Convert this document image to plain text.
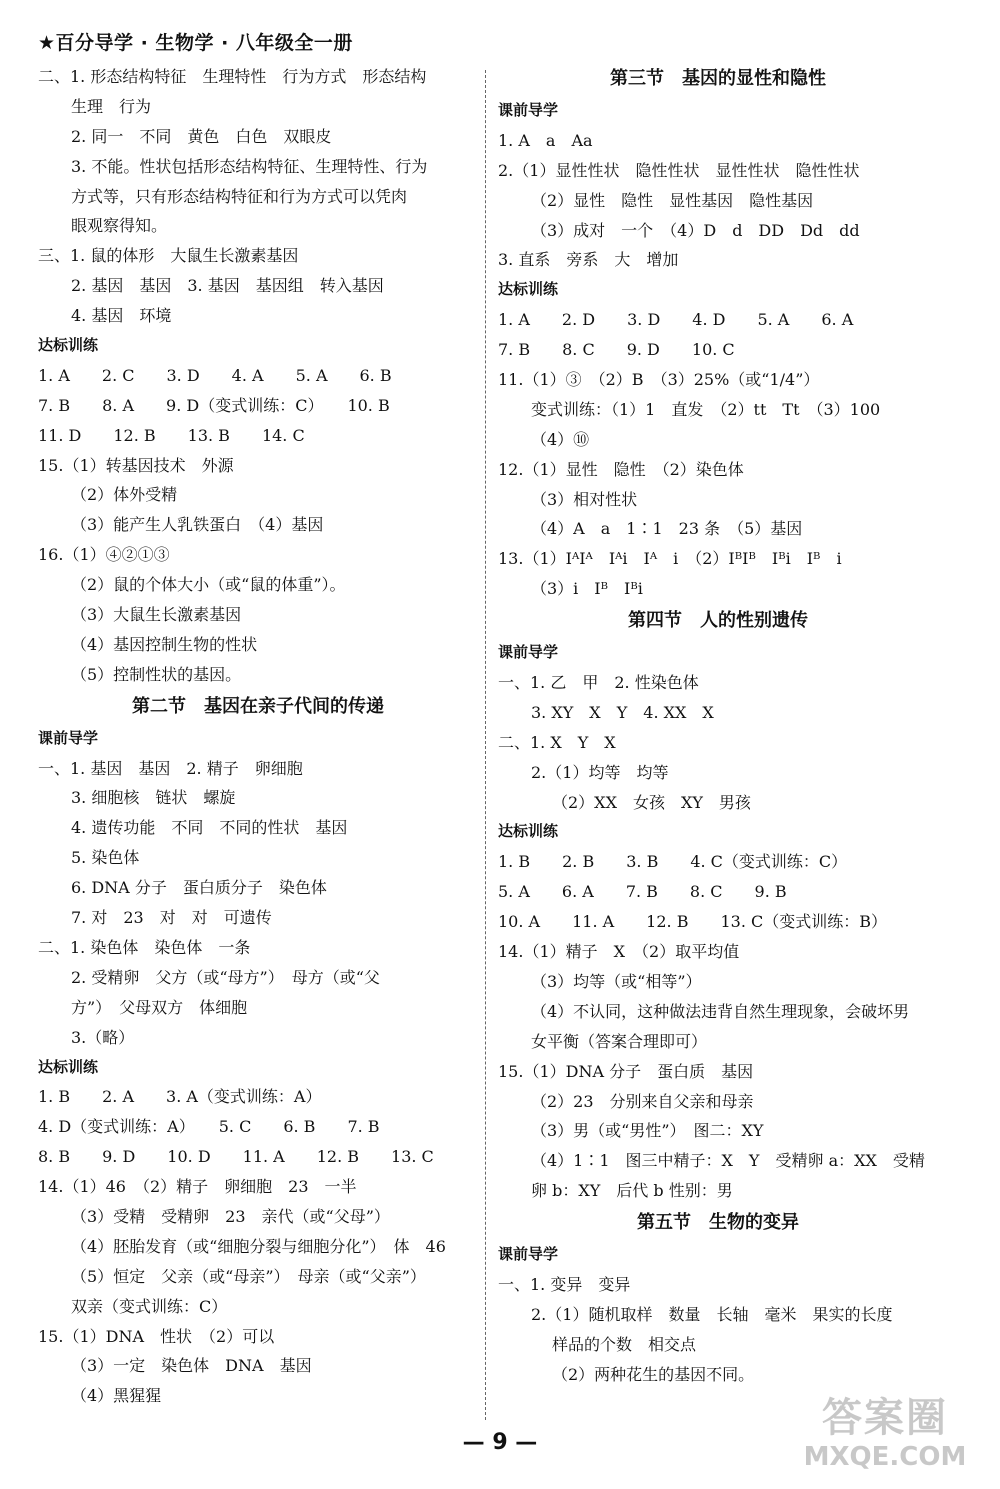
★百分导学 · 生物学 · 八年级全一册
二、1. 形态结构特征　生理特性　行为方式　形态结构
生理　行为
2. 同一　不同　黄色　白色　双眼皮
3. 不能。性状包括形态结构特征、生理特性、行为
方式等，只有形态结构特征和行为方式可以凭肉
眼观察得知。
三、1. 鼠的体形　大鼠生长激素基因
2. 基因　基因　3. 基因　基因组　转入基因
4. 基因　环境
达标训练
1. A　　2. C　　3. D　　4. A　　5. A　　6. B
7. B　　8. A　　9. D（变式训练：C）　　10. B
11. D　　12. B　　13. B　　14. C
15.（1）转基因技术　外源
（2）体外受精
（3）能产生人乳铁蛋白　（4）基因
16.（1）④②①③
（2）鼠的个体大小（或“鼠的体重”）。
（3）大鼠生长激素基因
（4）基因控制生物的性状
（5）控制性状的基因。
第二节　基因在亲子代间的传递
课前导学
一、1. 基因　基因　2. 精子　卵细胞
3. 细胞核　链状　螺旋
4. 遗传功能　不同　不同的性状　基因
5. 染色体
6. DNA 分子　蛋白质分子　染色体
7. 对　23　对　对　可遗传
二、1. 染色体　染色体　一条
2. 受精卵　父方（或“母方”）　母方（或“父
方”）　父母双方　体细胞
3.（略）
达标训练
1. B　　2. A　　3. A（变式训练：A）
4. D（变式训练：A）　　5. C　　6. B　　7. B
8. B　　9. D　　10. D　　11. A　　12. B　　13. C
14.（1）46　（2）精子　卵细胞　23　一半
（3）受精　受精卵　23　亲代（或“父母”）
（4）胚胎发育（或“细胞分裂与细胞分化”）　体　46
（5）恒定　父亲（或“母亲”）　母亲（或“父亲”）
双亲（变式训练：C）
15.（1）DNA　性状　（2）可以
（3）一定　染色体　DNA　基因
（4）黑猩猩
第三节　基因的显性和隐性
课前导学
1. A　a　Aa
2.（1）显性性状　隐性性状　显性性状　隐性性状
（2）显性　隐性　显性基因　隐性基因
（3）成对　一个　（4）D　d　DD　Dd　dd
3. 直系　旁系　大　增加
达标训练
1. A　　2. D　　3. D　　4. D　　5. A　　6. A
7. B　　8. C　　9. D　　10. C
11.（1）③　（2）B　（3）25%（或“1/4”）
变式训练：（1）1　直发　（2）tt　Tt　（3）100
（4）⑩
12.（1）显性　隐性　（2）染色体
（3）相对性状
（4）A　a　1∶1　23 条　（5）基因
13.（1）IᴬIᴬ　Iᴬi　Iᴬ　i　（2）IᴮIᴮ　Iᴮi　Iᴮ　i
（3）i　Iᴮ　Iᴮi
第四节　人的性别遗传
课前导学
一、1. 乙　甲　2. 性染色体
3. XY　X　Y　4. XX　X
二、1. X　Y　X
2.（1）均等　均等
（2）XX　女孩　XY　男孩
达标训练
1. B　　2. B　　3. B　　4. C（变式训练：C）
5. A　　6. A　　7. B　　8. C　　9. B
10. A　　11. A　　12. B　　13. C（变式训练：B）
14.（1）精子　X　（2）取平均值
（3）均等（或“相等”）
（4）不认同，这种做法违背自然生理现象，会破坏男
女平衡（答案合理即可）
15.（1）DNA 分子　蛋白质　基因
（2）23　分别来自父亲和母亲
（3）男（或“男性”）　图二：XY
（4）1∶1　图三中精子：X　Y　受精卵 a：XX　受精
卵 b：XY　后代 b 性别：男
第五节　生物的变异
课前导学
一、1. 变异　变异
2.（1）随机取样　数量　长轴　毫米　果实的长度
样品的个数　相交点
（2）两种花生的基因不同。
— 9 —
答案圈
MXQE.COM
